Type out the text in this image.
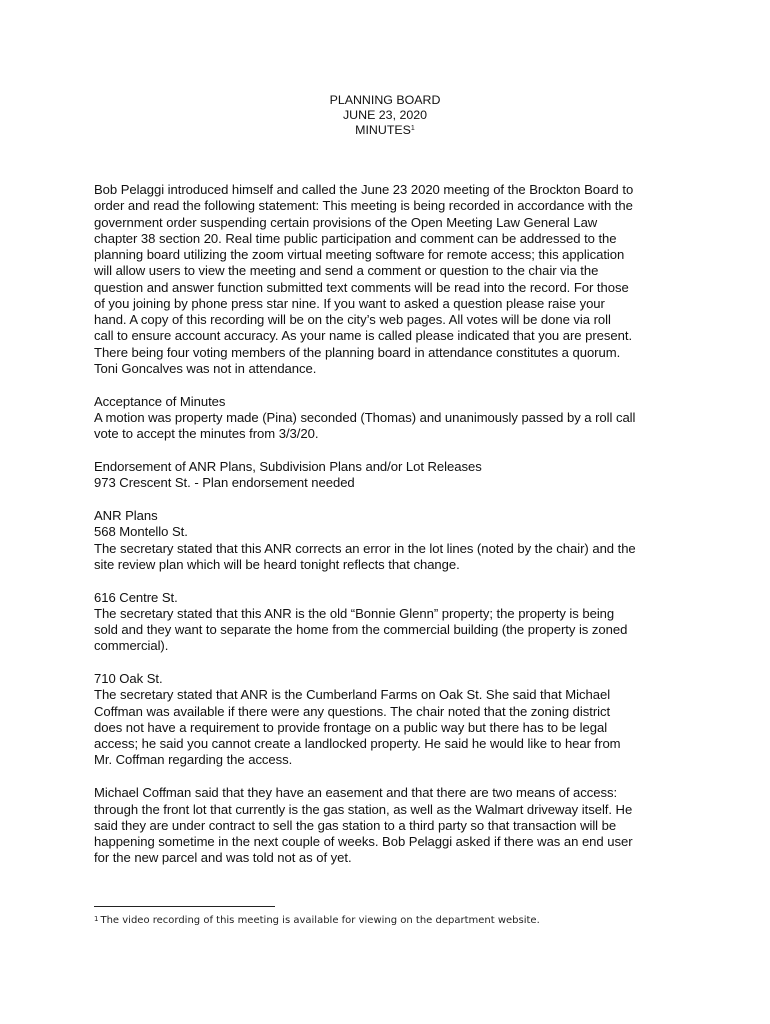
PLANNING BOARD
JUNE 23, 2020
MINUTES$^1$

Bob Pelaggi introduced himself and called the June 23 2020 meeting of the Brockton Board to
order and read the following statement: This meeting is being recorded in accordance with the
government order suspending certain provisions of the Open Meeting Law General Law
chapter 38 section 20. Real time public participation and comment can be addressed to the
planning board utilizing the zoom virtual meeting software for remote access; this application
will allow users to view the meeting and send a comment or question to the chair via the
question and answer function submitted text comments will be read into the record. For those
of you joining by phone press star nine. If you want to asked a question please raise your
hand. A copy of this recording will be on the city’s web pages. All votes will be done via roll
call to ensure account accuracy. As your name is called please indicated that you are present.
There being four voting members of the planning board in attendance constitutes a quorum.
Toni Goncalves was not in attendance.

Acceptance of Minutes
A motion was property made (Pina) seconded (Thomas) and unanimously passed by a roll call
vote to accept the minutes from 3/3/20.

Endorsement of ANR Plans, Subdivision Plans and/or Lot Releases
973 Crescent St. - Plan endorsement needed

ANR Plans
568 Montello St.
The secretary stated that this ANR corrects an error in the lot lines (noted by the chair) and the
site review plan which will be heard tonight reflects that change.

616 Centre St.
The secretary stated that this ANR is the old “Bonnie Glenn” property; the property is being
sold and they want to separate the home from the commercial building (the property is zoned
commercial).

710 Oak St.
The secretary stated that ANR is the Cumberland Farms on Oak St. She said that Michael
Coffman was available if there were any questions. The chair noted that the zoning district
does not have a requirement to provide frontage on a public way but there has to be legal
access; he said you cannot create a landlocked property. He said he would like to hear from
Mr. Coffman regarding the access.

Michael Coffman said that they have an easement and that there are two means of access:
through the front lot that currently is the gas station, as well as the Walmart driveway itself. He
said they are under contract to sell the gas station to a third party so that transaction will be
happening sometime in the next couple of weeks. Bob Pelaggi asked if there was an end user
for the new parcel and was told not as of yet.

$^1$ The video recording of this meeting is available for viewing on the department website.
